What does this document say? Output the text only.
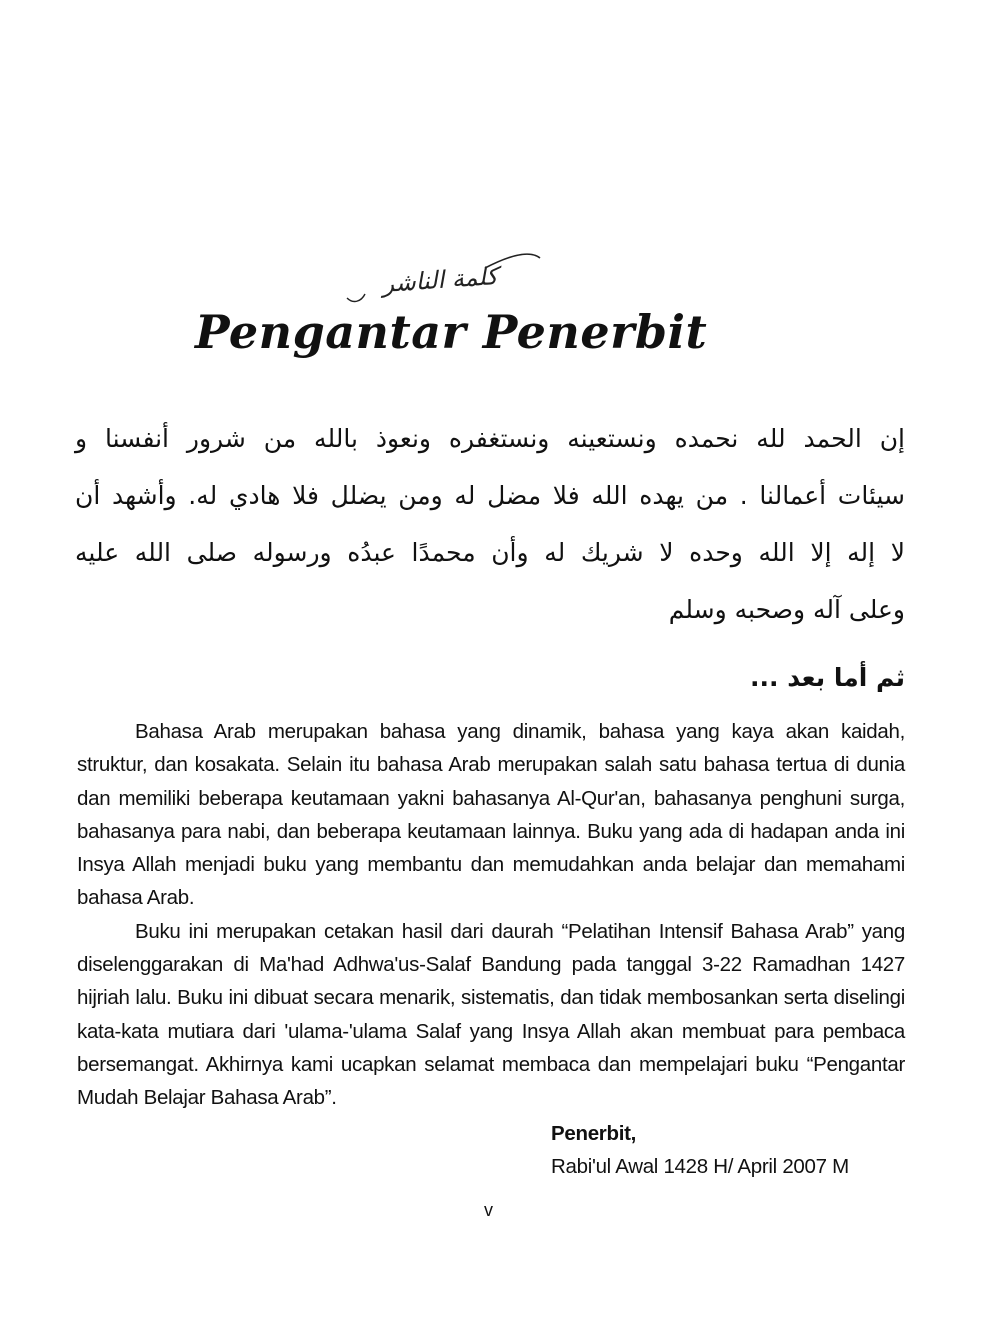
كلمة الناشر
Pengantar Penerbit
إن الحمد لله نحمده ونستعينه ونستغفره ونعوذ بالله من شرور أنفسنا و
سيئات أعمالنا . من يهده الله فلا مضل له ومن يضلل فلا هادي له. وأشهد أن
لا إله إلا الله وحده لا شريك له وأن محمدًا عبدُه ورسوله صلى الله عليه
وعلى آله وصحبه وسلم
ثم أما بعد ...

Bahasa Arab merupakan bahasa yang dinamik, bahasa yang kaya akan kaidah, struktur, dan kosakata. Selain itu bahasa Arab merupakan salah satu bahasa tertua di dunia dan memiliki beberapa keutamaan yakni bahasanya Al-Qur'an, bahasanya penghuni surga, bahasanya para nabi, dan beberapa keutamaan lainnya. Buku yang ada di hadapan anda ini Insya Allah menjadi buku yang membantu dan memudahkan anda belajar dan memahami bahasa Arab.

Buku ini merupakan cetakan hasil dari daurah “Pelatihan Intensif Bahasa Arab” yang diselenggarakan di Ma'had Adhwa'us-Salaf Bandung pada tanggal 3-22 Ramadhan 1427 hijriah lalu. Buku ini dibuat secara menarik, sistematis, dan tidak membosankan serta diselingi kata-kata mutiara dari 'ulama-'ulama Salaf yang Insya Allah akan membuat para pembaca bersemangat. Akhirnya kami ucapkan selamat membaca dan mempelajari buku “Pengantar Mudah Belajar Bahasa Arab”.

Penerbit,
Rabi'ul Awal 1428 H/ April 2007 M
v
